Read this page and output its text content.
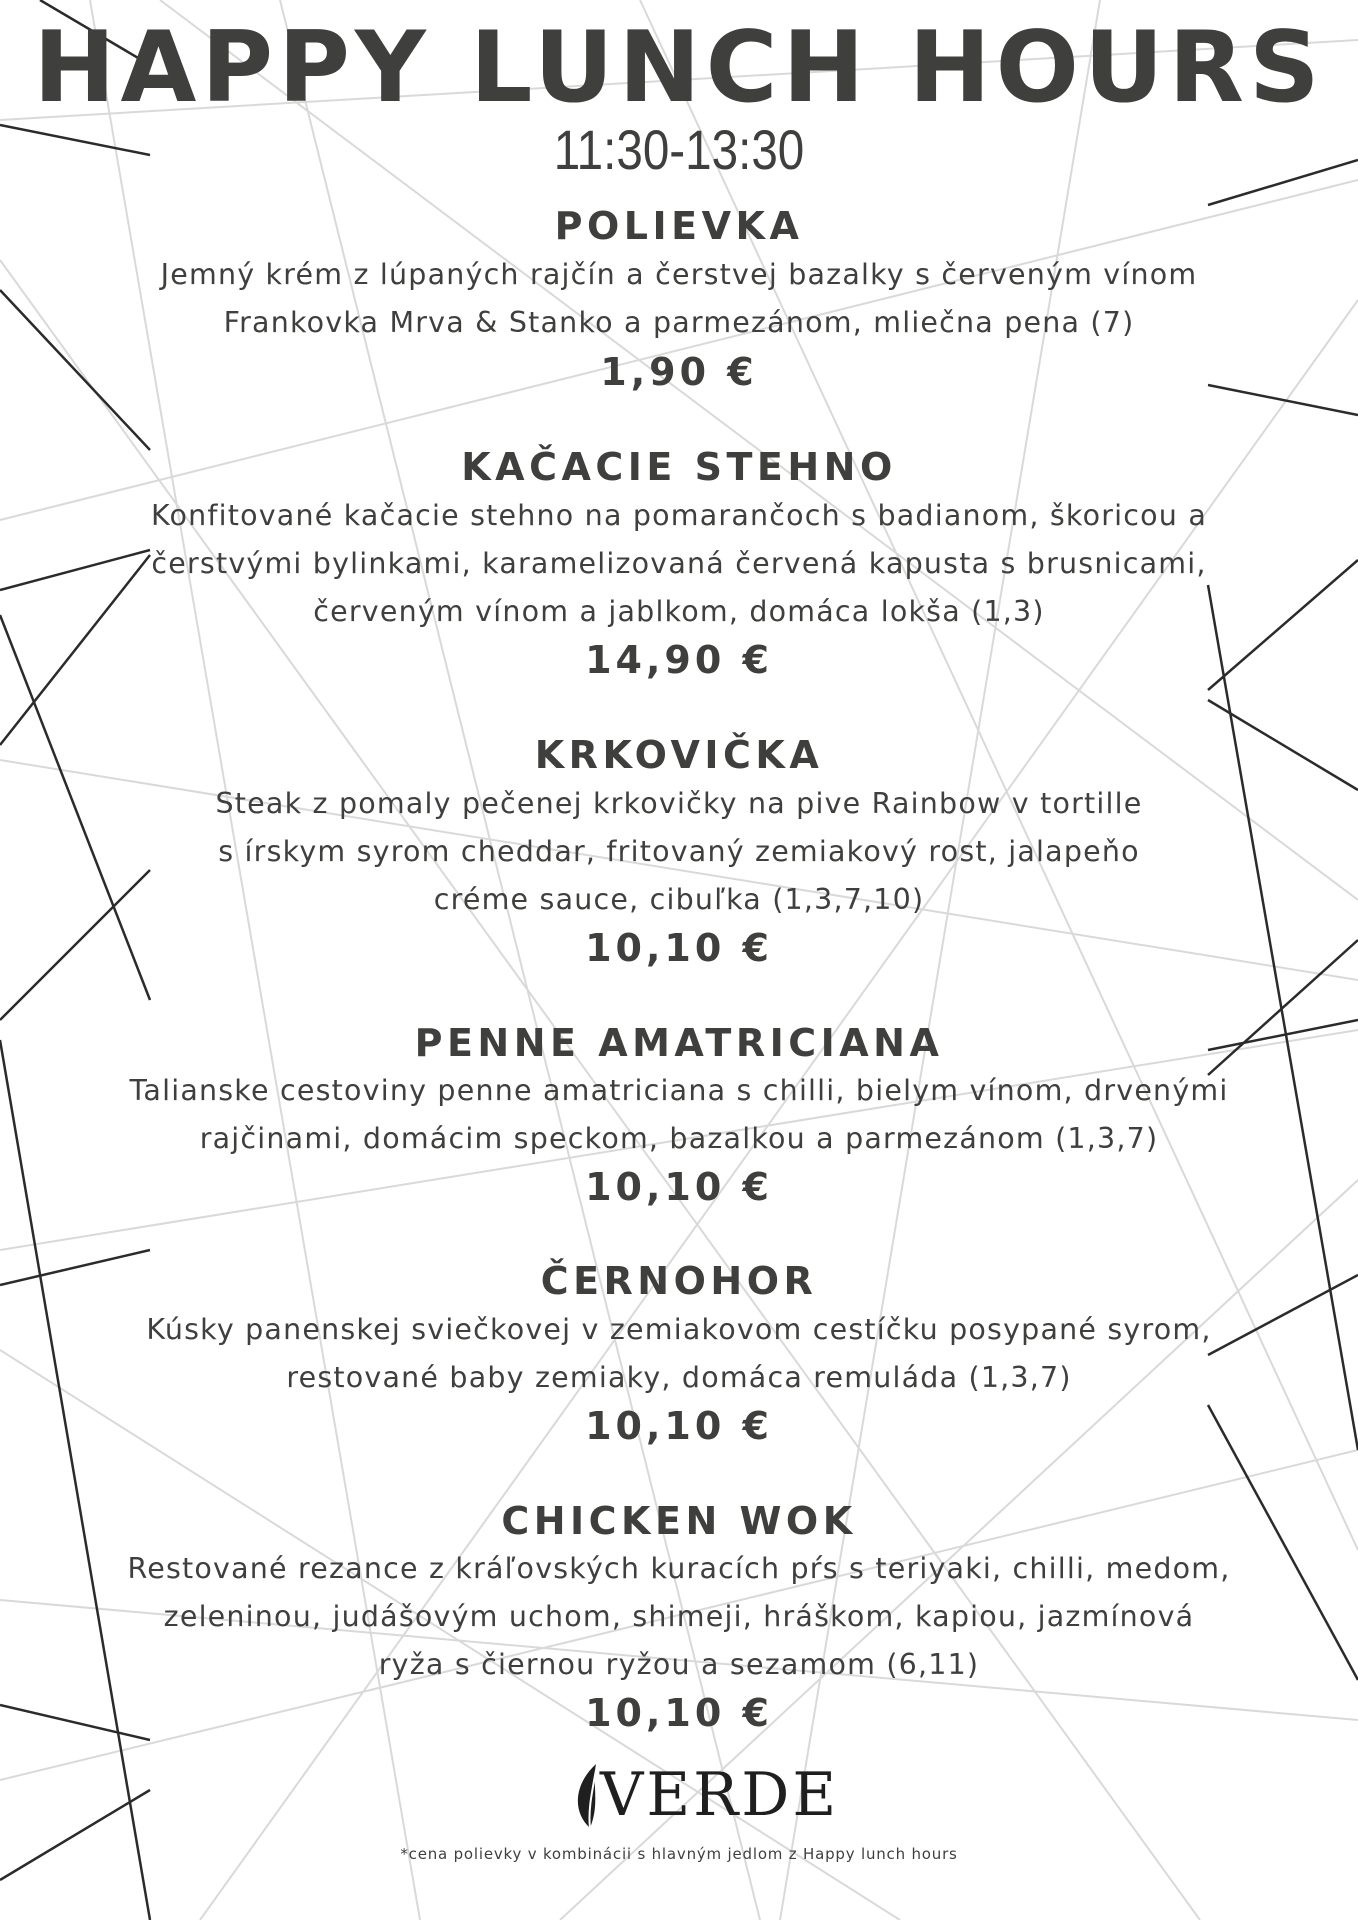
HAPPY LUNCH HOURS
11:30-13:30
POLIEVKA
Jemný krém z lúpaných rajčín a čerstvej bazalky s červeným vínom
Frankovka Mrva & Stanko a parmezánom, mliečna pena (7)
1,90 €
KAČACIE STEHNO
Konfitované kačacie stehno na pomarančoch s badianom, škoricou a
čerstvými bylinkami, karamelizovaná červená kapusta s brusnicami,
červeným vínom a jablkom, domáca lokša (1,3)
14,90 €
KRKOVIČKA
Steak z pomaly pečenej krkovičky na pive Rainbow v tortille
s írskym syrom cheddar, fritovaný zemiakový rost, jalapeňo
créme sauce, cibuľka (1,3,7,10)
10,10 €
PENNE AMATRICIANA
Talianske cestoviny penne amatriciana s chilli, bielym vínom, drvenými
rajčinami, domácim speckom, bazalkou a parmezánom (1,3,7)
10,10 €
ČERNOHOR
Kúsky panenskej sviečkovej v zemiakovom cestíčku posypané syrom,
restované baby zemiaky, domáca remuláda (1,3,7)
10,10 €
CHICKEN WOK
Restované rezance z kráľovských kuracích pŕs s teriyaki, chilli, medom,
zeleninou, judášovým uchom, shimeji, hráškom, kapiou, jazmínová
ryža s čiernou ryžou a sezamom (6,11)
10,10 €
VERDE
*cena polievky v kombinácii s hlavným jedlom z Happy lunch hours
